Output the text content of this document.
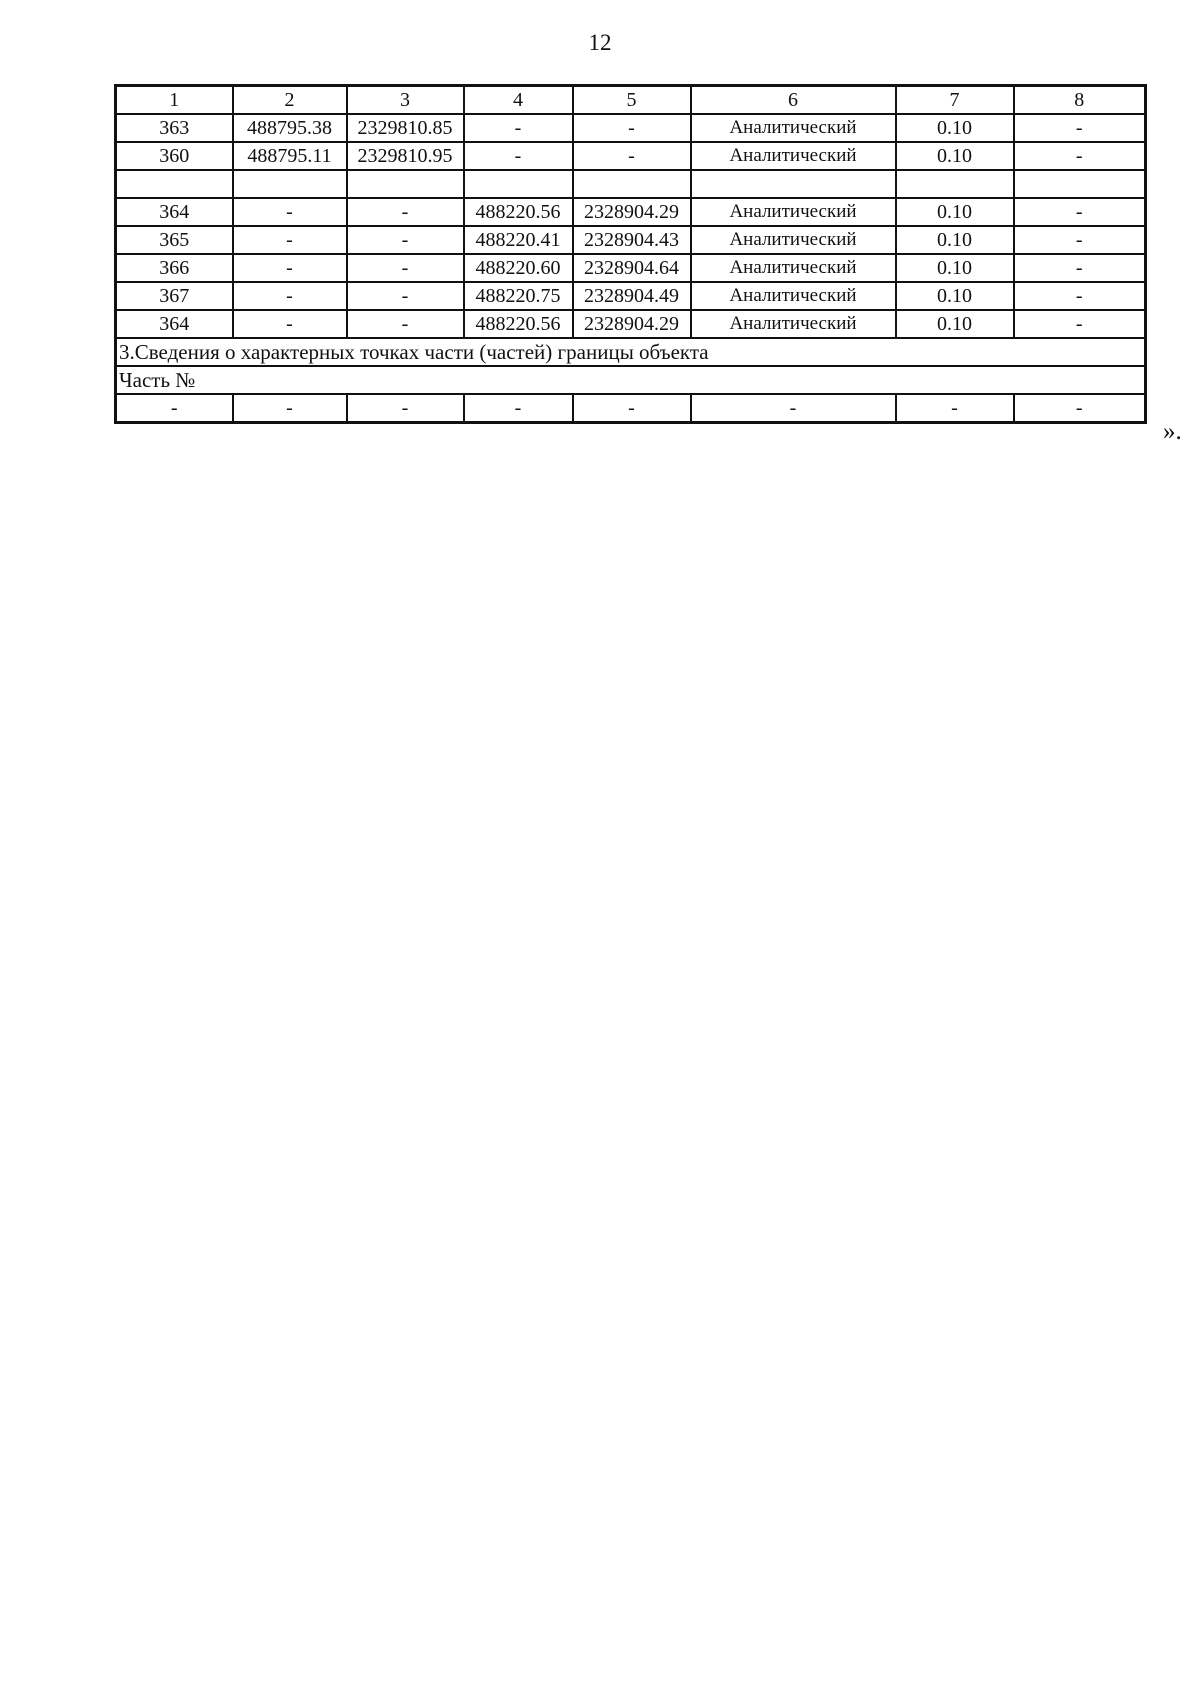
12
1	2	3	4	5	6	7	8
363	488795.38	2329810.85	-	-	Аналитический	0.10	-
360	488795.11	2329810.95	-	-	Аналитический	0.10	-

364	-	-	488220.56	2328904.29	Аналитический	0.10	-
365	-	-	488220.41	2328904.43	Аналитический	0.10	-
366	-	-	488220.60	2328904.64	Аналитический	0.10	-
367	-	-	488220.75	2328904.49	Аналитический	0.10	-
364	-	-	488220.56	2328904.29	Аналитический	0.10	-
3.Сведения о характерных точках части (частей) границы объекта							
Часть №							
-	-	-	-	-	-	-	-
».
